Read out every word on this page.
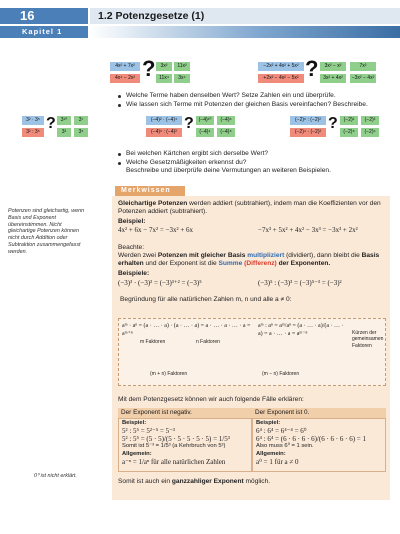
16	1.2 Potenzgesetze (1)
Kapitel 1
4x² + 7x²
4x⁴ − 2x² ?	3x²	11x²
11x⁴	3x⁴
−2x² + 4x² + 5x²
+2x² − 4x² − 5x² ?	3x² − x²	7x²
3x² + 4x²	−3x² − 4x²
Welche Terme haben denselben Wert? Setze Zahlen ein und überprüfe.
Wie lassen sich Terme mit Potenzen der gleichen Basis vereinfachen? Beschreibe.
3² · 3⁵
3² : 3⁵ ? 3¹⁰	3⁷
3³	3⁵
(−4)² · (−4)⁴
(−4)⁶ : (−4)² ? (−4)¹⁰	(−4)⁶
(−4)⁴	(−4)⁸
(−2)⁶ : (−2)²
(−2)⁴ · (−2)² ?	(−2)²	(−2)³
(−2)⁸	(−2)⁶
Bei welchen Kärtchen ergibt sich derselbe Wert?
Welche Gesetzmäßigkeiten erkennst du?
Beschreibe und überprüfe deine Vermutungen an weiteren Beispielen.
Potenzen sind gleichartig, wenn Basis und Exponent übereinstimmen. Nicht gleichartige Potenzen können nicht durch Addition oder Subtraktion zusammengefasst werden.
0⁰ ist nicht erklärt.
Merkwissen
Gleichartige Potenzen werden addiert (subtrahiert), indem man die Koeffizienten vor den Potenzen addiert (subtrahiert).
Beispiel:
4x² + 6x − 7x² = −3x² + 6x	−7x³ + 5x² + 4x² − 3x³ = −3x³ + 2x²
Beachte:
Werden zwei Potenzen mit gleicher Basis multipliziert (dividiert), dann bleibt die Basis erhalten und der Exponent ist die Summe (Differenz) der Exponenten.
Beispiele:
(−3)³ · (−3)² = (−3)³⁺² = (−3)⁵	(−3)⁵ : (−3)³ = (−3)⁵⁻³ = (−3)²
Begründung für alle natürlichen Zahlen m, n und alle a ≠ 0:
aᵐ · aⁿ = (a · … · a) · (a · … · a) = a · … · a · … · a = aᵐ⁺ⁿ
m Faktoren	n Faktoren
(m + n) Faktoren
aᵐ : aⁿ = aᵐ/aⁿ = (a · … · a)/(a · … · a) = a · … · a = aᵐ⁻ⁿ	Kürzen der gemeinsamen Faktoren
(m − n) Faktoren
Mit dem Potenzgesetz können wir auch folgende Fälle erklären:
Der Exponent ist negativ.	Der Exponent ist 0.
Beispiel:
5² : 5⁵ = 5²⁻⁵ = 5⁻³
5² : 5⁵ = (5 · 5)/(5 · 5 · 5 · 5 · 5) = 1/5³
Somit ist 5⁻³ = 1/5³ (a Kehrbruch von 5³)
Allgemein:
a⁻ⁿ = 1/aⁿ für alle natürlichen Zahlen
Beispiel:
6⁴ : 6⁴ = 6⁴⁻⁴ = 6⁰
6⁴ : 6⁴ = (6 · 6 · 6 · 6)/(6 · 6 · 6 · 6) = 1
Also muss 6⁰ = 1 sein.
Allgemein:
a⁰ = 1 für a ≠ 0
Somit ist auch ein ganzzahliger Exponent möglich.
